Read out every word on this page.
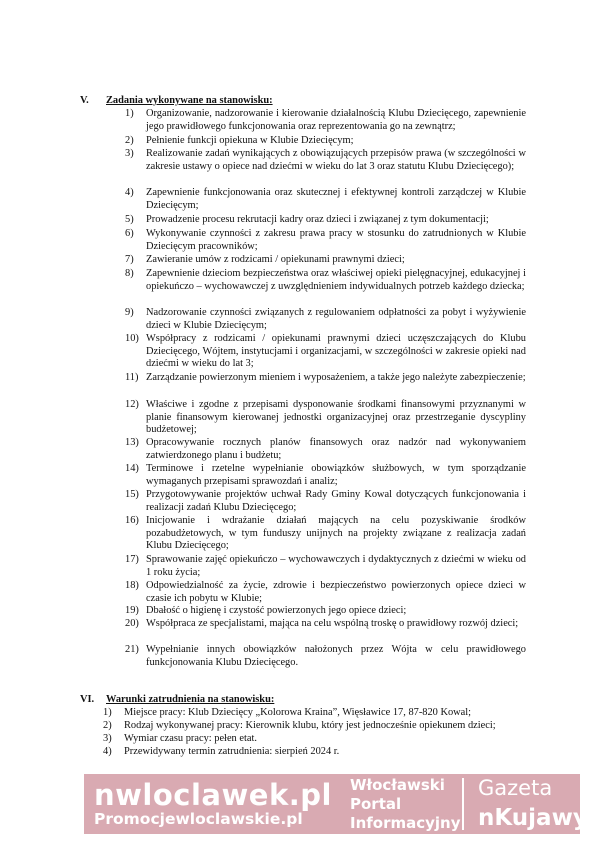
V. Zadania wykonywane na stanowisku:
1) Organizowanie, nadzorowanie i kierowanie działalnością Klubu Dziecięcego, zapewnienie jego prawidłowego funkcjonowania oraz reprezentowania go na zewnątrz;
2) Pełnienie funkcji opiekuna w Klubie Dziecięcym;
3) Realizowanie zadań wynikających z obowiązujących przepisów prawa (w szczególności w zakresie ustawy o opiece nad dziećmi w wieku do lat 3 oraz statutu Klubu Dziecięcego);
4) Zapewnienie funkcjonowania oraz skutecznej i efektywnej kontroli zarządczej w Klubie Dziecięcym;
5) Prowadzenie procesu rekrutacji kadry oraz dzieci i związanej z tym dokumentacji;
6) Wykonywanie czynności z zakresu prawa pracy w stosunku do zatrudnionych w Klubie Dziecięcym pracowników;
7) Zawieranie umów z rodzicami / opiekunami prawnymi dzieci;
8) Zapewnienie dzieciom bezpieczeństwa oraz właściwej opieki pielęgnacyjnej, edukacyjnej i opiekuńczo – wychowawczej z uwzględnieniem indywidualnych potrzeb każdego dziecka;
9) Nadzorowanie czynności związanych z regulowaniem odpłatności za pobyt i wyżywienie dzieci w Klubie Dziecięcym;
10) Współpracy z rodzicami / opiekunami prawnymi dzieci uczęszczających do Klubu Dziecięcego, Wójtem, instytucjami i organizacjami, w szczególności w zakresie opieki nad dziećmi w wieku do lat 3;
11) Zarządzanie powierzonym mieniem i wyposażeniem, a także jego należyte zabezpieczenie;
12) Właściwe i zgodne z przepisami dysponowanie środkami finansowymi przyznanymi w planie finansowym kierowanej jednostki organizacyjnej oraz przestrzeganie dyscypliny budżetowej;
13) Opracowywanie rocznych planów finansowych oraz nadzór nad wykonywaniem zatwierdzonego planu i budżetu;
14) Terminowe i rzetelne wypełnianie obowiązków służbowych, w tym sporządzanie wymaganych przepisami sprawozdań i analiz;
15) Przygotowywanie projektów uchwał Rady Gminy Kowal dotyczących funkcjonowania i realizacji zadań Klubu Dziecięcego;
16) Inicjowanie i wdrażanie działań mających na celu pozyskiwanie środków pozabudżetowych, w tym funduszy unijnych na projekty związane z realizacja zadań Klubu Dziecięcego;
17) Sprawowanie zajęć opiekuńczo – wychowawczych i dydaktycznych z dziećmi w wieku od 1 roku życia;
18) Odpowiedzialność za życie, zdrowie i bezpieczeństwo powierzonych opiece dzieci w czasie ich pobytu w Klubie;
19) Dbałość o higienę i czystość powierzonych jego opiece dzieci;
20) Współpraca ze specjalistami, mająca na celu wspólną troskę o prawidłowy rozwój dzieci;
21) Wypełnianie innych obowiązków nałożonych przez Wójta w celu prawidłowego funkcjonowania Klubu Dziecięcego.
VI. Warunki zatrudnienia na stanowisku:
1) Miejsce pracy: Klub Dziecięcy „Kolorowa Kraina”, Więsławice 17, 87-820 Kowal;
2) Rodzaj wykonywanej pracy: Kierownik klubu, który jest jednocześnie opiekunem dzieci;
3) Wymiar czasu pracy: pełen etat.
4) Przewidywany termin zatrudnienia: sierpień 2024 r.
nwloclawek.pl
Promocjewloclawskie.pl
Włocławski
Portal
Informacyjny
Gazeta
nKujawy
